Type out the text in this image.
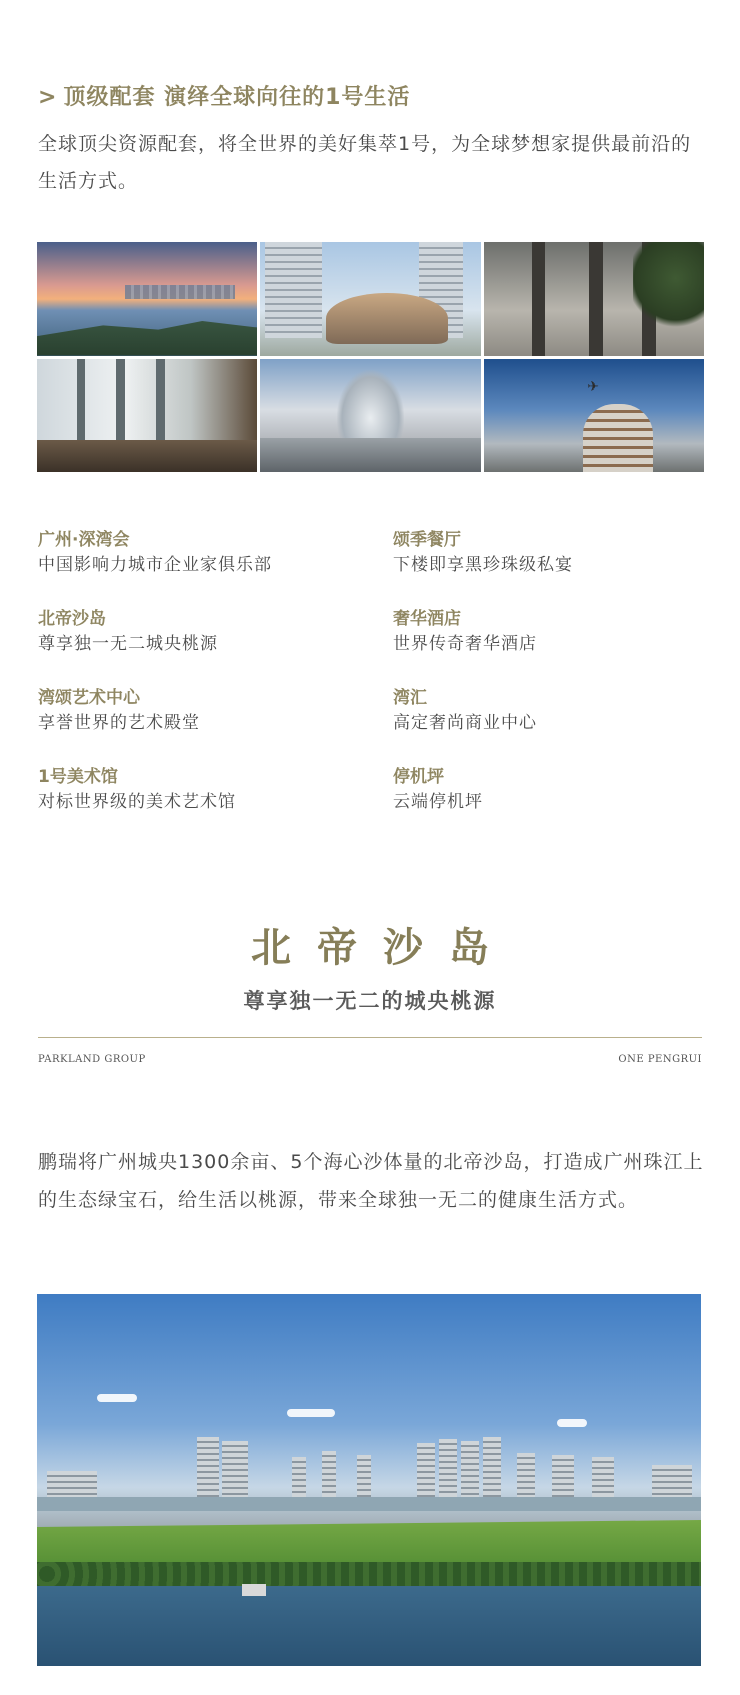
> 顶级配套 演绎全球向往的1号生活
全球顶尖资源配套，将全世界的美好集萃1号，为全球梦想家提供最前沿的生活方式。
✈
广州·深湾会
中国影响力城市企业家俱乐部
颂季餐厅
下楼即享黑珍珠级私宴
北帝沙岛
尊享独一无二城央桃源
奢华酒店
世界传奇奢华酒店
湾颂艺术中心
享誉世界的艺术殿堂
湾汇
高定奢尚商业中心
1号美术馆
对标世界级的美术艺术馆
停机坪
云端停机坪
北帝沙岛
尊享独一无二的城央桃源
PARKLAND GROUP	ONE PENGRUI
鹏瑞将广州城央1300余亩、5个海心沙体量的北帝沙岛，打造成广州珠江上的生态绿宝石，给生活以桃源，带来全球独一无二的健康生活方式。
